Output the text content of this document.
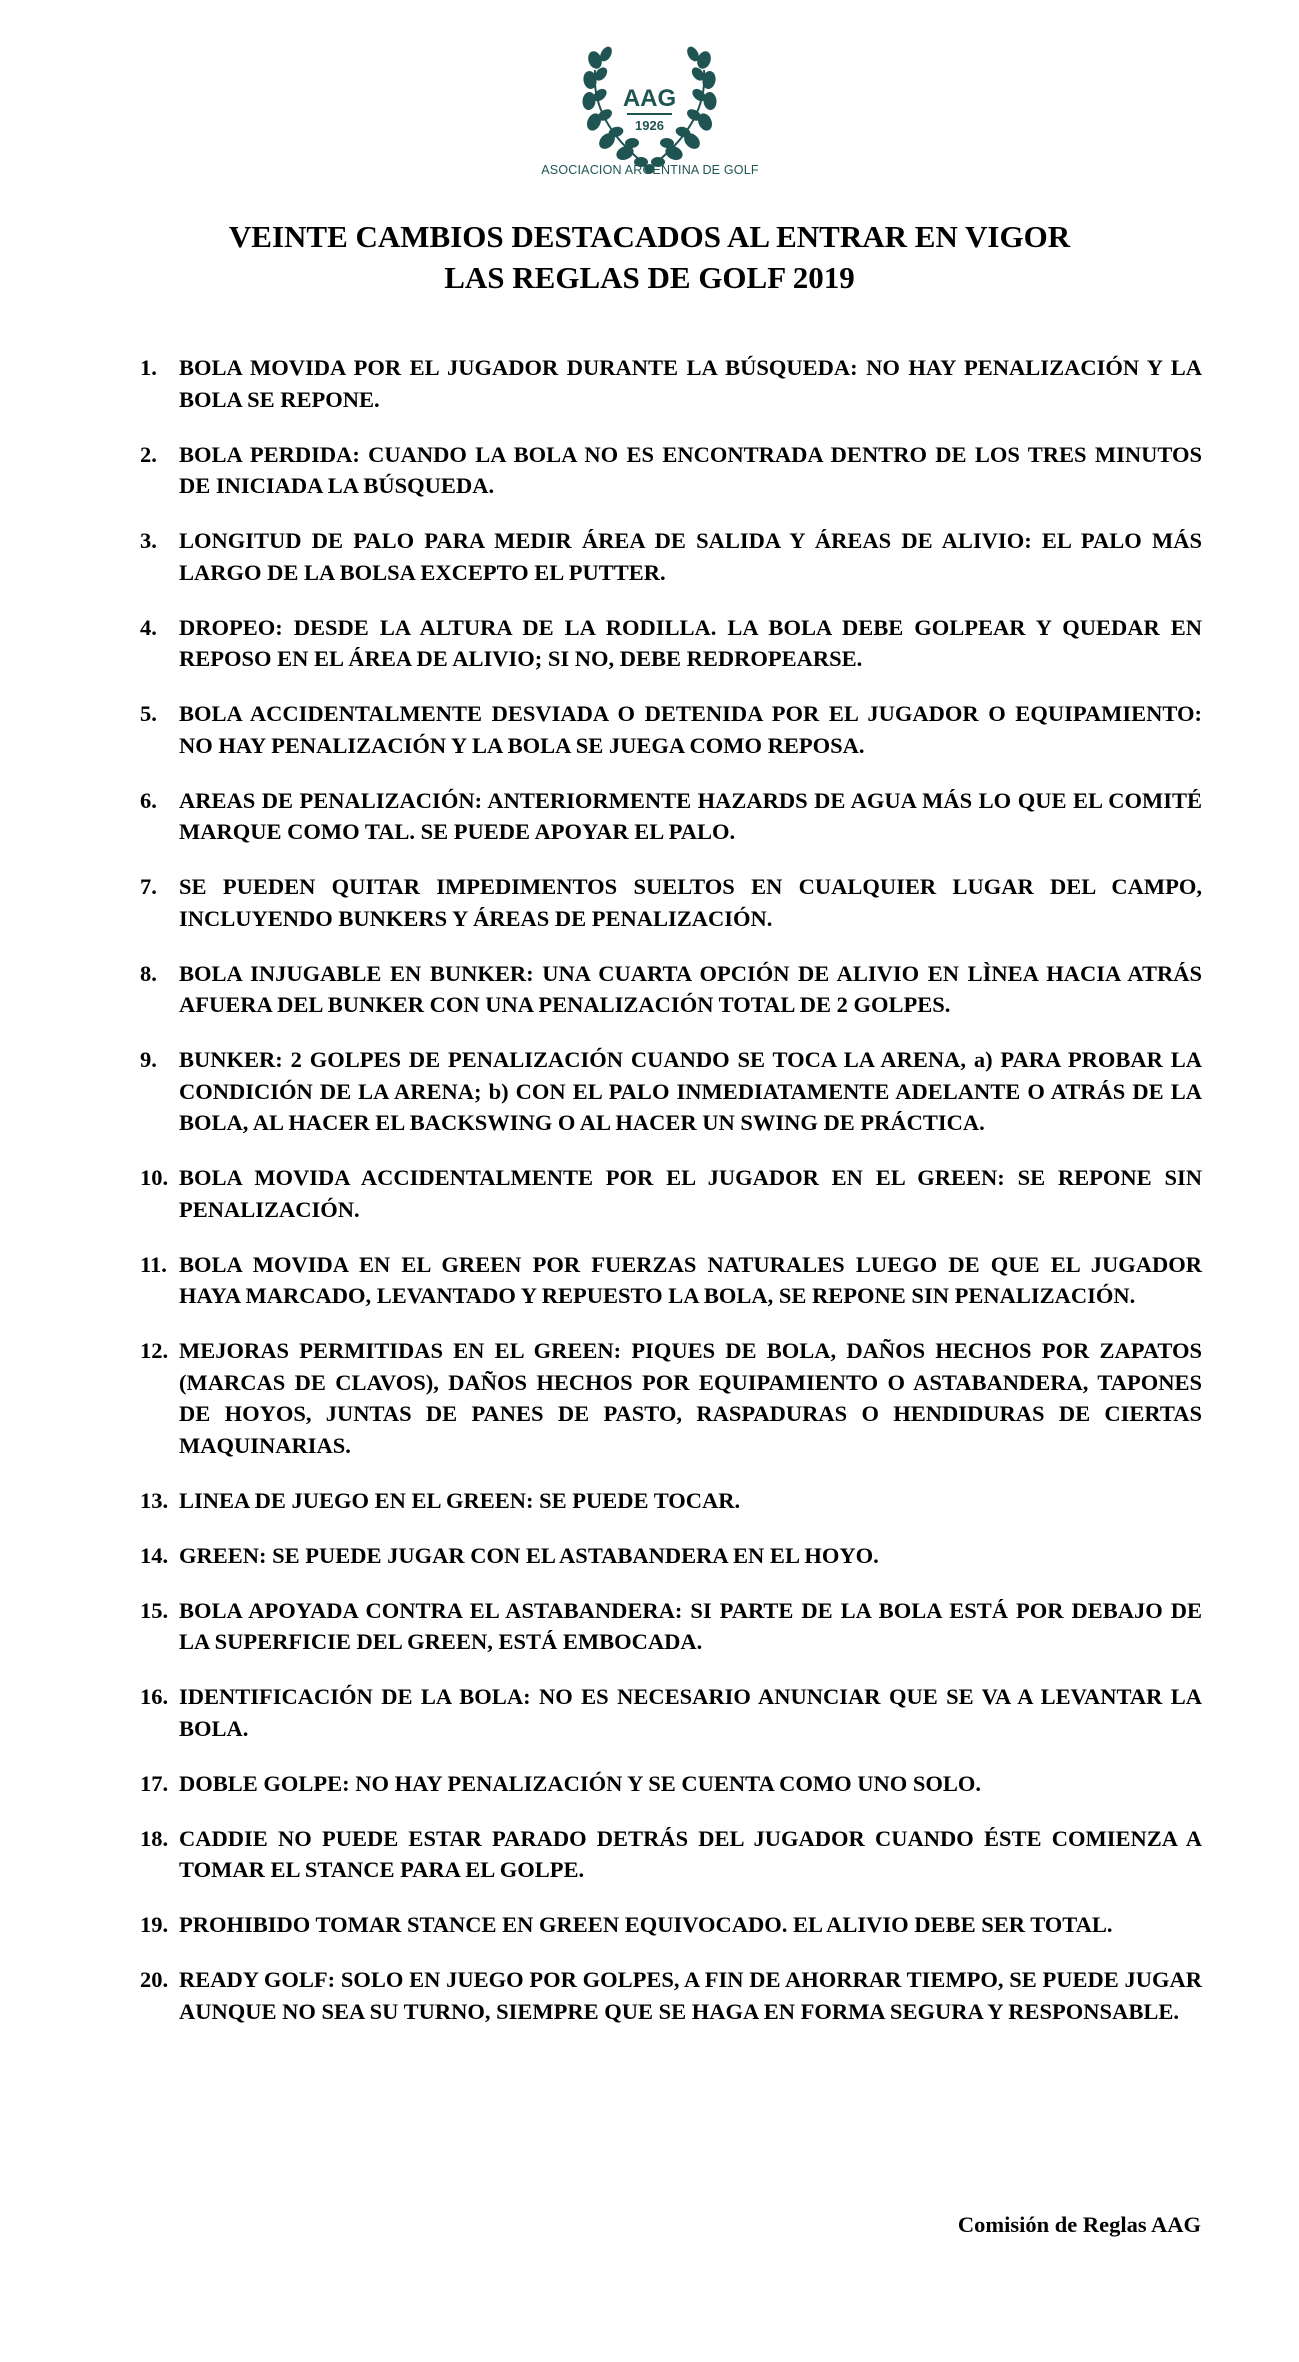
AAG
1926
ASOCIACION ARGENTINA DE GOLF
VEINTE CAMBIOS DESTACADOS AL ENTRAR EN VIGOR
LAS REGLAS DE GOLF 2019
1. BOLA MOVIDA POR EL JUGADOR DURANTE LA BÚSQUEDA: NO HAY PENALIZACIÓN Y LA BOLA SE REPONE.
2. BOLA PERDIDA: CUANDO LA BOLA NO ES ENCONTRADA DENTRO DE LOS TRES MINUTOS DE INICIADA LA BÚSQUEDA.
3. LONGITUD DE PALO PARA MEDIR ÁREA DE SALIDA Y ÁREAS DE ALIVIO: EL PALO MÁS LARGO DE LA BOLSA EXCEPTO EL PUTTER.
4. DROPEO: DESDE LA ALTURA DE LA RODILLA. LA BOLA DEBE GOLPEAR Y QUEDAR EN REPOSO EN EL ÁREA DE ALIVIO; SI NO, DEBE REDROPEARSE.
5. BOLA ACCIDENTALMENTE DESVIADA O DETENIDA POR EL JUGADOR O EQUIPAMIENTO: NO HAY PENALIZACIÓN Y LA BOLA SE JUEGA COMO REPOSA.
6. AREAS DE PENALIZACIÓN: ANTERIORMENTE HAZARDS DE AGUA MÁS LO QUE EL COMITÉ MARQUE COMO TAL. SE PUEDE APOYAR EL PALO.
7. SE PUEDEN QUITAR IMPEDIMENTOS SUELTOS EN CUALQUIER LUGAR DEL CAMPO, INCLUYENDO BUNKERS Y ÁREAS DE PENALIZACIÓN.
8. BOLA INJUGABLE EN BUNKER: UNA CUARTA OPCIÓN DE ALIVIO EN LÌNEA HACIA ATRÁS AFUERA DEL BUNKER CON UNA PENALIZACIÓN TOTAL DE 2 GOLPES.
9. BUNKER: 2 GOLPES DE PENALIZACIÓN CUANDO SE TOCA LA ARENA, a) PARA PROBAR LA CONDICIÓN DE LA ARENA; b) CON EL PALO INMEDIATAMENTE ADELANTE O ATRÁS DE LA BOLA, AL HACER EL BACKSWING O AL HACER UN SWING DE PRÁCTICA.
10. BOLA MOVIDA ACCIDENTALMENTE POR EL JUGADOR EN EL GREEN: SE REPONE SIN PENALIZACIÓN.
11. BOLA MOVIDA EN EL GREEN POR FUERZAS NATURALES LUEGO DE QUE EL JUGADOR HAYA MARCADO, LEVANTADO Y REPUESTO LA BOLA, SE REPONE SIN PENALIZACIÓN.
12. MEJORAS PERMITIDAS EN EL GREEN: PIQUES DE BOLA, DAÑOS HECHOS POR ZAPATOS (MARCAS DE CLAVOS), DAÑOS HECHOS POR EQUIPAMIENTO O ASTABANDERA, TAPONES DE HOYOS, JUNTAS DE PANES DE PASTO, RASPADURAS O HENDIDURAS DE CIERTAS MAQUINARIAS.
13. LINEA DE JUEGO EN EL GREEN: SE PUEDE TOCAR.
14. GREEN: SE PUEDE JUGAR CON EL ASTABANDERA EN EL HOYO.
15. BOLA APOYADA CONTRA EL ASTABANDERA: SI PARTE DE LA BOLA ESTÁ POR DEBAJO DE LA SUPERFICIE DEL GREEN, ESTÁ EMBOCADA.
16. IDENTIFICACIÓN DE LA BOLA: NO ES NECESARIO ANUNCIAR QUE SE VA A LEVANTAR LA BOLA.
17. DOBLE GOLPE: NO HAY PENALIZACIÓN Y SE CUENTA COMO UNO SOLO.
18. CADDIE NO PUEDE ESTAR PARADO DETRÁS DEL JUGADOR CUANDO ÉSTE COMIENZA A TOMAR EL STANCE PARA EL GOLPE.
19. PROHIBIDO TOMAR STANCE EN GREEN EQUIVOCADO. EL ALIVIO DEBE SER TOTAL.
20. READY GOLF: SOLO EN JUEGO POR GOLPES, A FIN DE AHORRAR TIEMPO, SE PUEDE JUGAR AUNQUE NO SEA SU TURNO, SIEMPRE QUE SE HAGA EN FORMA SEGURA Y RESPONSABLE.
Comisión de Reglas AAG
